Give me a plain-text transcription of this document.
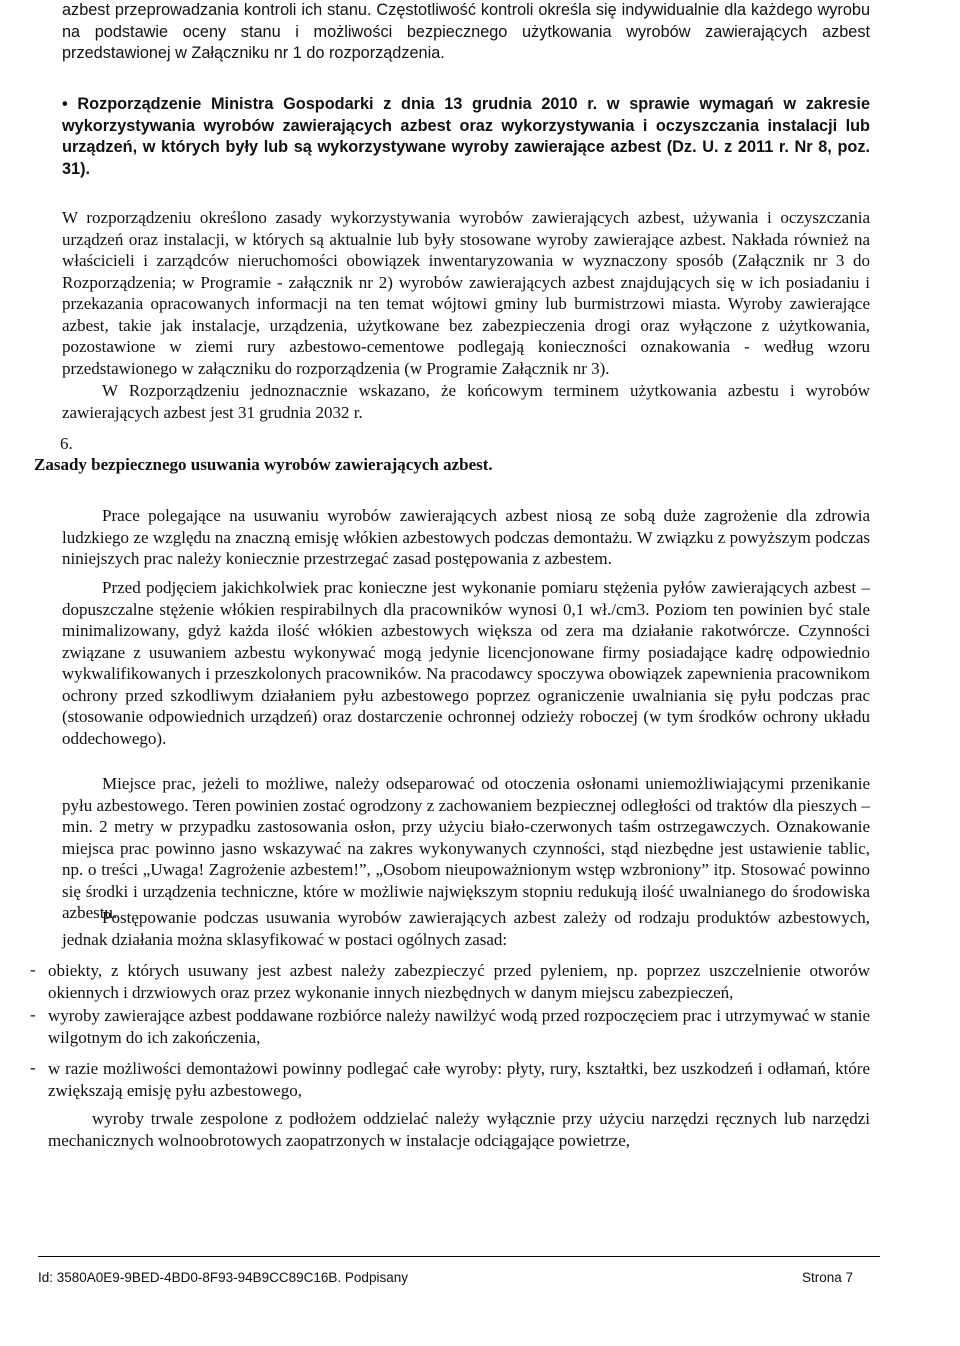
azbest przeprowadzania kontroli ich stanu. Częstotliwość kontroli określa się indywidualnie dla każdego wyrobu na podstawie oceny stanu i możliwości bezpiecznego użytkowania wyrobów zawierających azbest przedstawionej w Załączniku nr 1 do rozporządzenia.

• Rozporządzenie Ministra Gospodarki z dnia 13 grudnia 2010 r. w sprawie wymagań w zakresie wykorzystywania wyrobów zawierających azbest oraz wykorzystywania i oczyszczania instalacji lub urządzeń, w których były lub są wykorzystywane wyroby zawierające azbest (Dz. U. z 2011 r. Nr 8, poz. 31).

W rozporządzeniu określono zasady wykorzystywania wyrobów zawierających azbest, używania i oczyszczania urządzeń oraz instalacji, w których są aktualnie lub były stosowane wyroby zawierające azbest. Nakłada również na właścicieli i zarządców nieruchomości obowiązek inwentaryzowania w wyznaczony sposób (Załącznik nr 3 do Rozporządzenia; w Programie - załącznik nr 2) wyrobów zawierających azbest znajdujących się w ich posiadaniu i przekazania opracowanych informacji na ten temat wójtowi gminy lub burmistrzowi miasta. Wyroby zawierające azbest, takie jak instalacje, urządzenia, użytkowane bez zabezpieczenia drogi oraz wyłączone z użytkowania, pozostawione w ziemi rury azbestowo-cementowe podlegają konieczności oznakowania - według wzoru przedstawionego w załączniku do rozporządzenia (w Programie Załącznik nr 3).

W Rozporządzeniu jednoznacznie wskazano, że końcowym terminem użytkowania azbestu i wyrobów zawierających azbest jest 31 grudnia 2032 r.

6.
Zasady bezpiecznego usuwania wyrobów zawierających azbest.

Prace polegające na usuwaniu wyrobów zawierających azbest niosą ze sobą duże zagrożenie dla zdrowia ludzkiego ze względu na znaczną emisję włókien azbestowych podczas demontażu. W związku z powyższym podczas niniejszych prac należy koniecznie przestrzegać zasad postępowania z azbestem.

Przed podjęciem jakichkolwiek prac konieczne jest wykonanie pomiaru stężenia pyłów zawierających azbest – dopuszczalne stężenie włókien respirabilnych dla pracowników wynosi 0,1 wł./cm3. Poziom ten powinien być stale minimalizowany, gdyż każda ilość włókien azbestowych większa od zera ma działanie rakotwórcze. Czynności związane z usuwaniem azbestu wykonywać mogą jedynie licencjonowane firmy posiadające kadrę odpowiednio wykwalifikowanych i przeszkolonych pracowników. Na pracodawcy spoczywa obowiązek zapewnienia pracownikom ochrony przed szkodliwym działaniem pyłu azbestowego poprzez ograniczenie uwalniania się pyłu podczas prac (stosowanie odpowiednich urządzeń) oraz dostarczenie ochronnej odzieży roboczej (w tym środków ochrony układu oddechowego).

Miejsce prac, jeżeli to możliwe, należy odseparować od otoczenia osłonami uniemożliwiającymi przenikanie pyłu azbestowego. Teren powinien zostać ogrodzony z zachowaniem bezpiecznej odległości od traktów dla pieszych – min. 2 metry w przypadku zastosowania osłon, przy użyciu biało-czerwonych taśm ostrzegawczych. Oznakowanie miejsca prac powinno jasno wskazywać na zakres wykonywanych czynności, stąd niezbędne jest ustawienie tablic, np. o treści „Uwaga! Zagrożenie azbestem!”, „Osobom nieupoważnionym wstęp wzbroniony” itp. Stosować powinno się środki i urządzenia techniczne, które w możliwie największym stopniu redukują ilość uwalnianego do środowiska azbestu.

Postępowanie podczas usuwania wyrobów zawierających azbest zależy od rodzaju produktów azbestowych, jednak działania można sklasyfikować w postaci ogólnych zasad:

- obiekty, z których usuwany jest azbest należy zabezpieczyć przed pyleniem, np. poprzez uszczelnienie otworów okiennych i drzwiowych oraz przez wykonanie innych niezbędnych w danym miejscu zabezpieczeń,

- wyroby zawierające azbest poddawane rozbiórce należy nawilżyć wodą przed rozpoczęciem prac i utrzymywać w stanie wilgotnym do ich zakończenia,

- w razie możliwości demontażowi powinny podlegać całe wyroby: płyty, rury, kształtki, bez uszkodzeń i odłamań, które zwiększają emisję pyłu azbestowego,

wyroby trwale zespolone z podłożem oddzielać należy wyłącznie przy użyciu narzędzi ręcznych lub narzędzi mechanicznych wolnoobrotowych zaopatrzonych w instalacje odciągające powietrze,

Id: 3580A0E9-9BED-4BD0-8F93-94B9CC89C16B. Podpisany	Strona 7
